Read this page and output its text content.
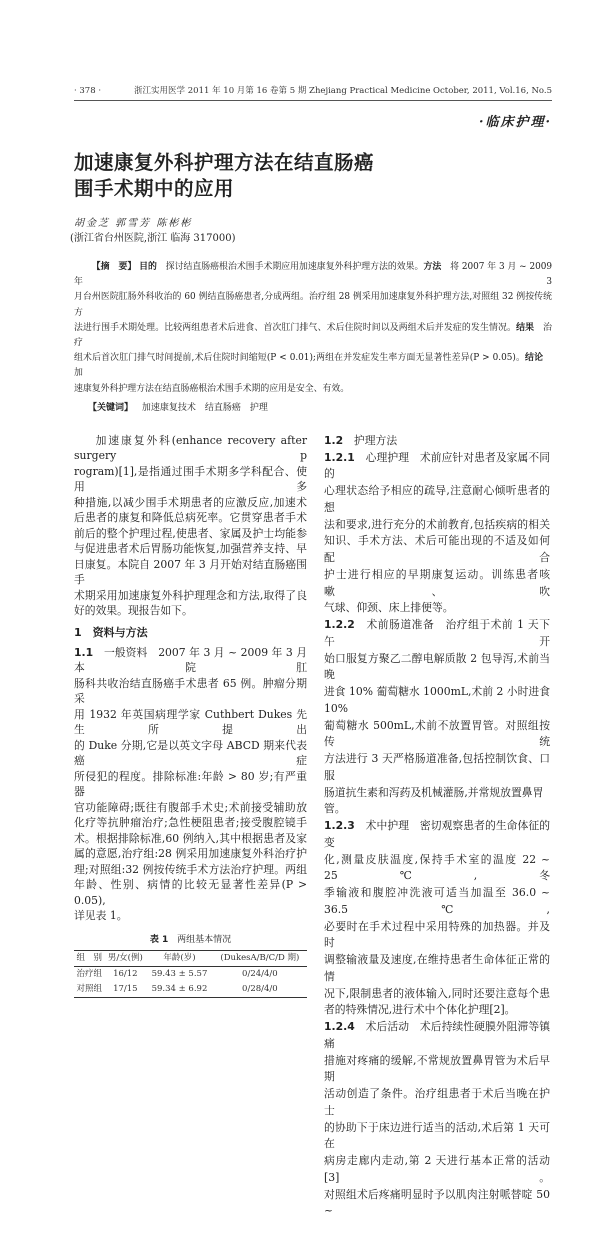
· 378 ·	浙江实用医学 2011 年 10 月第 16 卷第 5 期 Zhejiang Practical Medicine October, 2011, Vol.16, No.5
·临床护理·
加速康复外科护理方法在结直肠癌
围手术期中的应用
胡金芝 郭雪芳 陈彬彬
(浙江省台州医院,浙江 临海 317000)
【摘　要】 目的　探讨结直肠癌根治术围手术期应用加速康复外科护理方法的效果。方法　将 2007 年 3 月 ~ 2009 年 3
月台州医院肛肠外科收治的 60 例结直肠癌患者,分成两组。治疗组 28 例采用加速康复外科护理方法,对照组 32 例按传统方
法进行围手术期处理。比较两组患者术后进食、首次肛门排气、术后住院时间以及两组术后并发症的发生情况。结果　治疗
组术后首次肛门排气时间提前,术后住院时间缩短(P < 0.01);两组在并发症发生率方面无显著性差异(P > 0.05)。结论　加
速康复外科护理方法在结直肠癌根治术围手术期的应用是安全、有效。
【关键词】 加速康复技术　结直肠癌　护理
加速康复外科(enhance recovery after surgery p
rogram)[1],是指通过围手术期多学科配合、使用多
种措施,以减少围手术期患者的应激反应,加速术
后患者的康复和降低总病死率。它贯穿患者手术
前后的整个护理过程,使患者、家属及护士均能参
与促进患者术后胃肠功能恢复,加强营养支持、早
日康复。本院自 2007 年 3 月开始对结直肠癌围手
术期采用加速康复外科护理理念和方法,取得了良
好的效果。现报告如下。
1　资料与方法
1.1　一般资料　2007 年 3 月 ~ 2009 年 3 月本院肛
肠科共收治结直肠癌手术患者 65 例。肿瘤分期采
用 1932 年英国病理学家 Cuthbert Dukes 先生所提出
的 Duke 分期,它是以英文字母 ABCD 期来代表癌症
所侵犯的程度。排除标准:年龄 > 80 岁;有严重器
官功能障碍;既往有腹部手术史;术前接受辅助放
化疗等抗肿瘤治疗;急性梗阻患者;接受腹腔镜手
术。根据排除标准,60 例纳入,其中根据患者及家
属的意愿,治疗组:28 例采用加速康复外科治疗护
理;对照组:32 例按传统手术方法治疗护理。两组
年龄、性别、病情的比较无显著性差异(P > 0.05),
详见表 1。
表 1 两组基本情况
组　别	男/女(例)	年龄(岁)	(DukesA/B/C/D 期)
治疗组	16/12	59.43 ± 5.57	0/24/4/0
对照组	17/15	59.34 ± 6.92	0/28/4/0
1.2　护理方法
1.2.1　心理护理　术前应针对患者及家属不同的
心理状态给予相应的疏导,注意耐心倾听患者的想
法和要求,进行充分的术前教育,包括疾病的相关
知识、手术方法、术后可能出现的不适及如何配合
护士进行相应的早期康复运动。训练患者咳嗽、吹
气球、仰颈、床上排便等。
1.2.2　术前肠道准备　治疗组于术前 1 天下午开
始口服复方聚乙二醇电解质散 2 包导泻,术前当晚
进食 10% 葡萄糖水 1000mL,术前 2 小时进食 10%
葡萄糖水 500mL,术前不放置胃管。对照组按传统
方法进行 3 天严格肠道准备,包括控制饮食、口服
肠道抗生素和泻药及机械灌肠,并常规放置鼻胃管。
1.2.3　术中护理　密切观察患者的生命体征的变
化,测量皮肤温度,保持手术室的温度 22 ~ 25℃,冬
季输液和腹腔冲洗液可适当加温至 36.0 ~ 36.5℃,
必要时在手术过程中采用特殊的加热器。并及时
调整输液量及速度,在维持患者生命体征正常的情
况下,限制患者的液体输入,同时还要注意每个患
者的特殊情况,进行术中个体化护理[2]。
1.2.4　术后活动　术后持续性硬膜外阻滞等镇痛
措施对疼痛的缓解,不常规放置鼻胃管为术后早期
活动创造了条件。治疗组患者于术后当晚在护士
的协助下于床边进行适当的活动,术后第 1 天可在
病房走廊内走动,第 2 天进行基本正常的活动[3]。
对照组术后疼痛明显时予以肌肉注射哌替啶 50 ~
